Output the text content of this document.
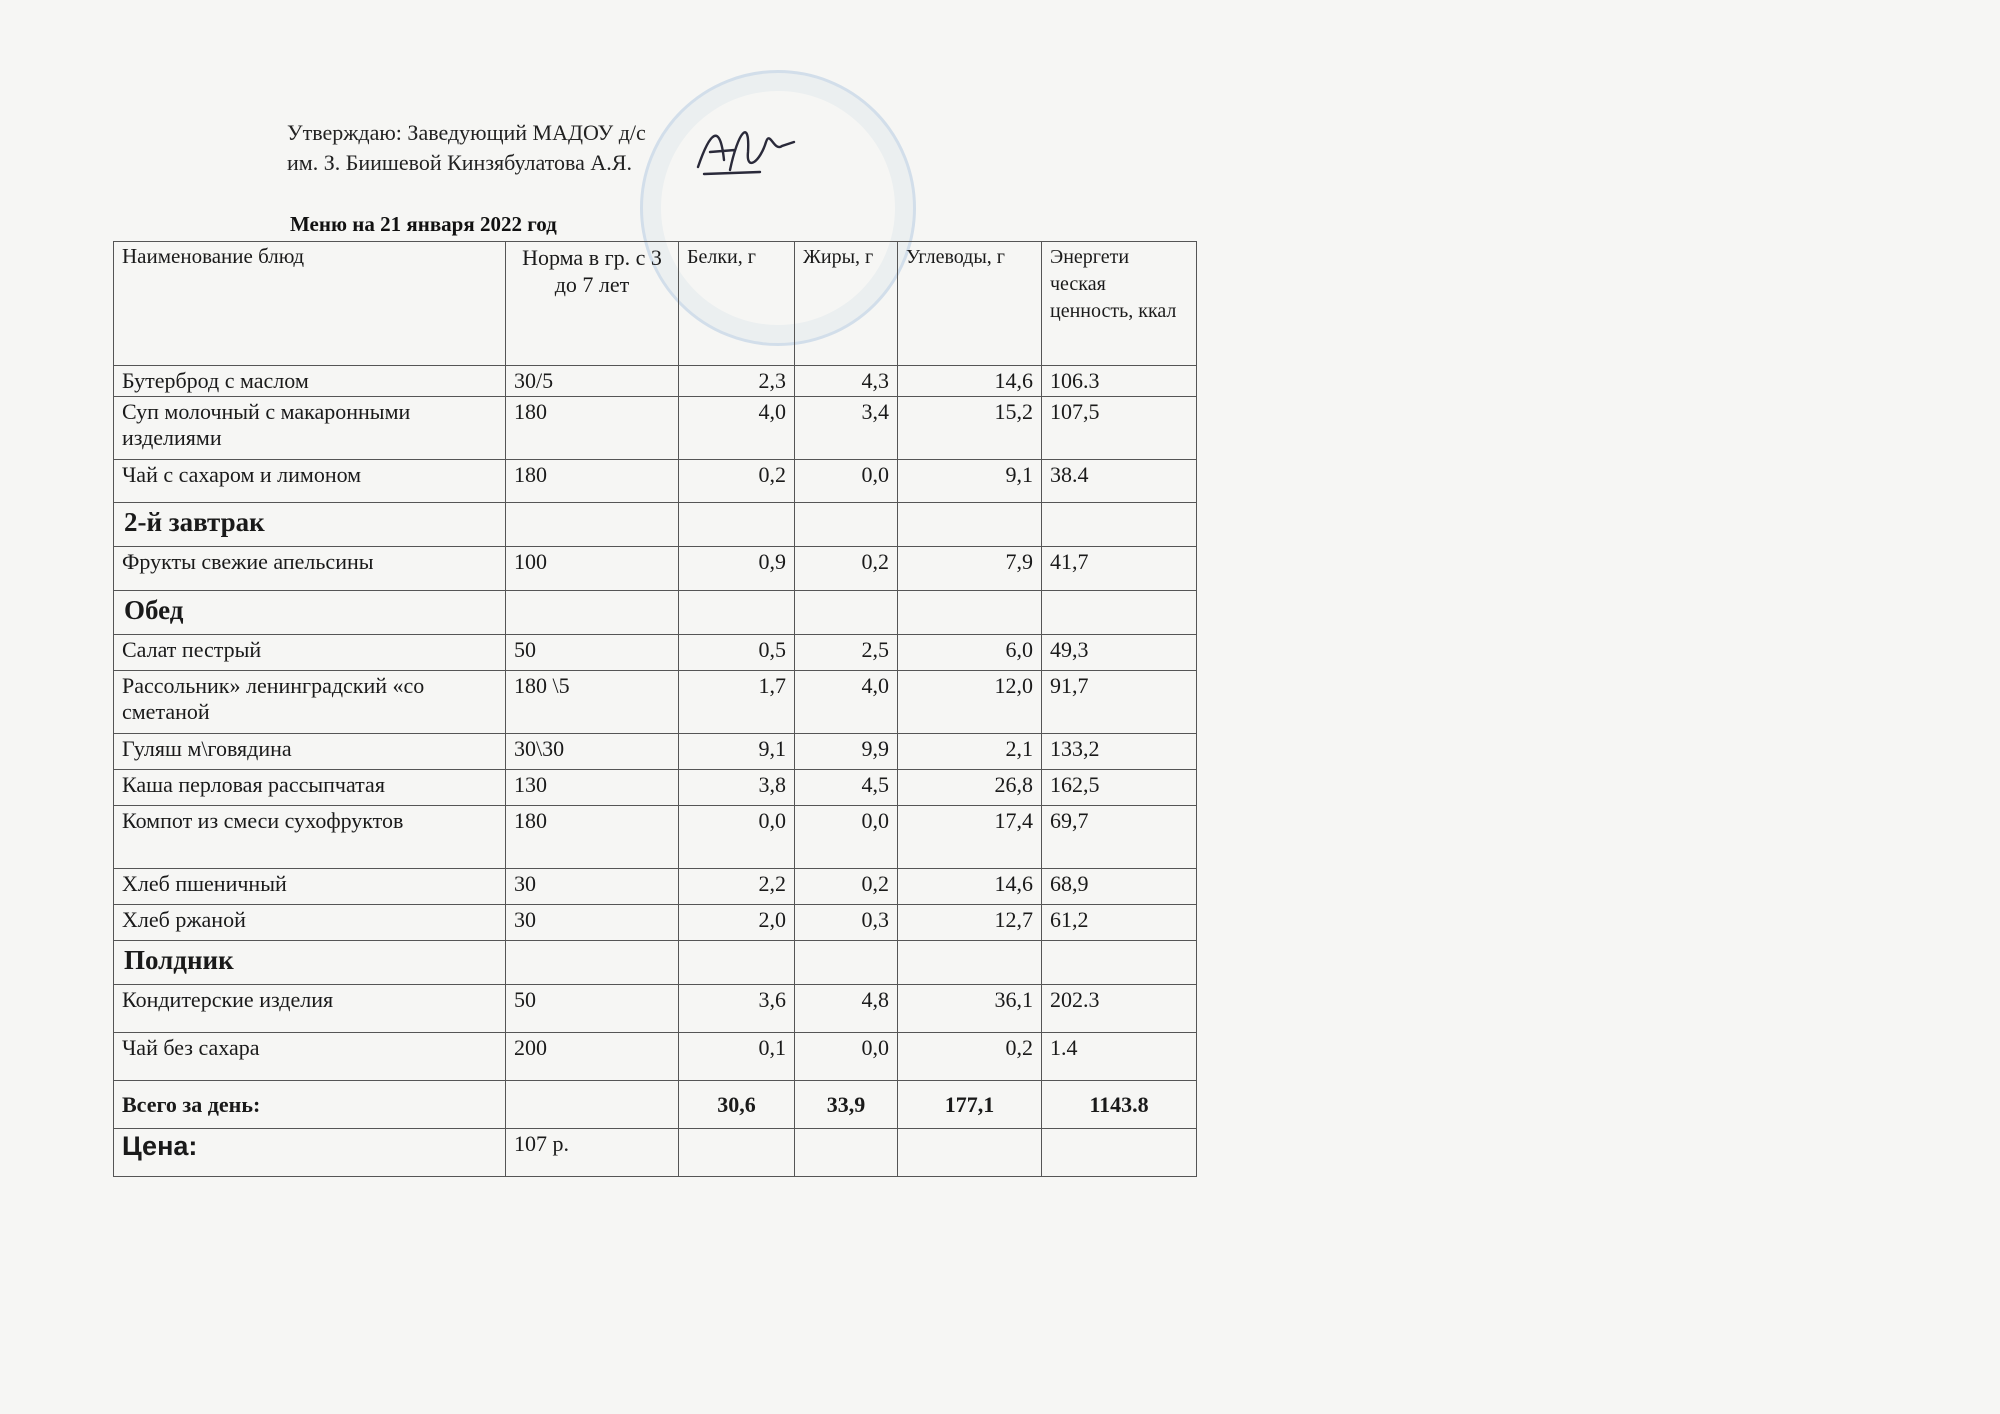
Утверждаю: Заведующий МАДОУ д/с
им. З. Биишевой Кинзябулатова А.Я.
Меню на 21 января 2022 год
Наименование блюд	Норма в гр. с 3 до 7 лет	Белки, г	Жиры, г	Углеводы, г	Энергети ческая ценность, ккал
Бутерброд с маслом	30/5	2,3	4,3	14,6	106.3
Суп молочный с макаронными изделиями	180	4,0	3,4	15,2	107,5
Чай с сахаром и лимоном	180	0,2	0,0	9,1	38.4
2-й завтрак					
Фрукты свежие апельсины	100	0,9	0,2	7,9	41,7
Обед					
Салат пестрый	50	0,5	2,5	6,0	49,3
Рассольник» ленинградский «со сметаной	180 \5	1,7	4,0	12,0	91,7
Гуляш м\говядина	30\30	9,1	9,9	2,1	133,2
Каша перловая рассыпчатая	130	3,8	4,5	26,8	162,5
Компот из смеси сухофруктов	180	0,0	0,0	17,4	69,7
Хлеб пшеничный	30	2,2	0,2	14,6	68,9
Хлеб ржаной	30	2,0	0,3	12,7	61,2
Полдник					
Кондитерские изделия	50	3,6	4,8	36,1	202.3
Чай без сахара	200	0,1	0,0	0,2	1.4
Всего за день:		30,6	33,9	177,1	1143.8
Цена:	107 р.				
